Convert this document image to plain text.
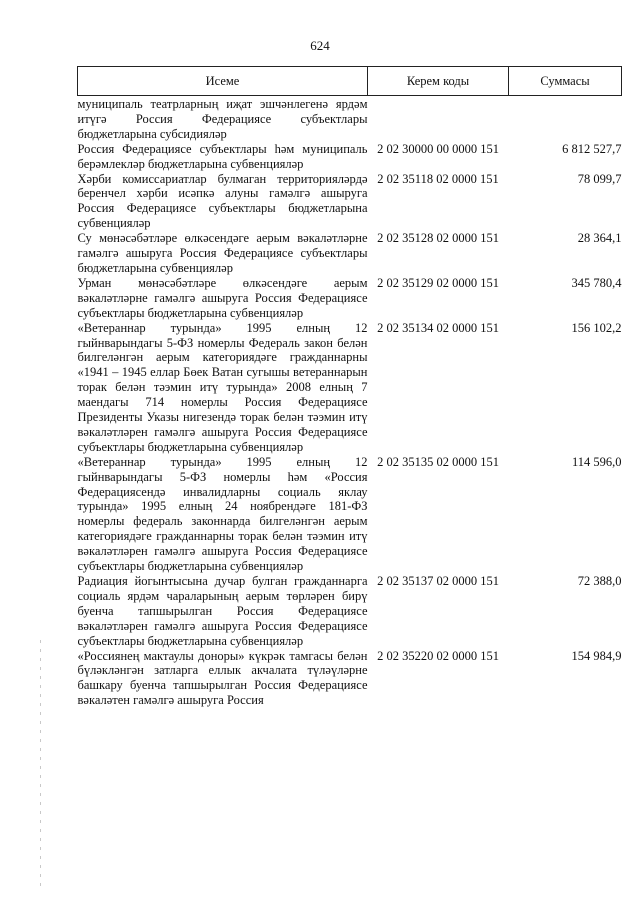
624
Исеме	Керем коды	Суммасы
муниципаль театрларның иҗат эшчәнлегенә ярдәм итүгә Россия Федерациясе субъектлары бюджетларына субсидияләр		
Россия Федерациясе субъектлары һәм муниципаль берәмлекләр бюджетларына субвенцияләр	2 02 30000 00 0000 151	6 812 527,7
Хәрби комиссариатлар булмаган территорияләрдә беренчел хәрби исәпкә алуны гамәлгә ашыруга Россия Федерациясе субъектлары бюджетларына субвенцияләр	2 02 35118 02 0000 151	78 099,7
Су мөнәсәбәтләре өлкәсендәге аерым вәкаләтләрне гамәлгә ашыруга Россия Федерациясе субъектлары бюджетларына субвенцияләр	2 02 35128 02 0000 151	28 364,1
Урман мөнәсәбәтләре өлкәсендәге аерым вәкаләтләрне гамәлгә ашыруга Россия Федерациясе субъектлары бюджетларына субвенцияләр	2 02 35129 02 0000 151	345 780,4
«Ветераннар турында» 1995 елның 12 гыйнварындагы 5-ФЗ номерлы Федераль закон белән билгеләнгән аерым категориядәге гражданнарны «1941 – 1945 еллар Бөек Ватан сугышы ветераннарын торак белән тәэмин итү турында» 2008 елның 7 маендагы 714 номерлы Россия Федерациясе Президенты Указы нигезендә торак белән тәэмин итү вәкаләтләрен гамәлгә ашыруга Россия Федерациясе субъектлары бюджетларына субвенцияләр	2 02 35134 02 0000 151	156 102,2
«Ветераннар турында» 1995 елның 12 гыйнварындагы 5-ФЗ номерлы һәм «Россия Федерациясендә инвалидларны социаль яклау турында» 1995 елның 24 ноябрендәге 181-ФЗ номерлы федераль законнарда билгеләнгән аерым категориядәге гражданнарны торак белән тәэмин итү вәкаләтләрен гамәлгә ашыруга Россия Федерациясе субъектлары бюджетларына субвенцияләр	2 02 35135 02 0000 151	114 596,0
Радиация йогынтысына дучар булган гражданнарга социаль ярдәм чараларының аерым төрләрен бирү буенча тапшырылган Россия Федерациясе вәкаләтләрен гамәлгә ашыруга Россия Федерациясе субъектлары бюджетларына субвенцияләр	2 02 35137 02 0000 151	72 388,0
«Россиянең мактаулы доноры» күкрәк тамгасы белән бүләкләнгән затларга еллык акчалата түләүләрне башкару буенча тапшырылган Россия Федерациясе вәкаләтен гамәлгә ашыруга Россия	2 02 35220 02 0000 151	154 984,9
